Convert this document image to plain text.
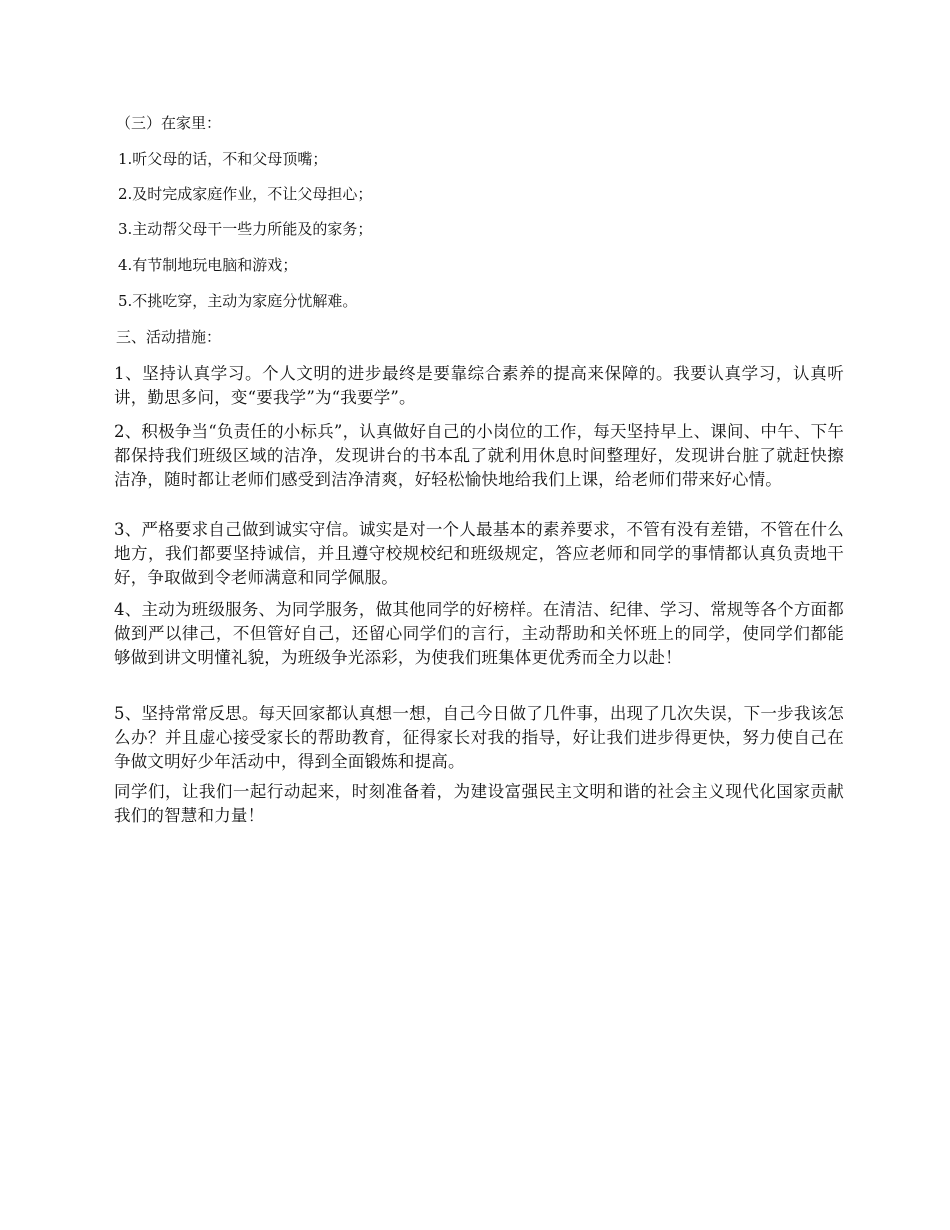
（三）在家里：

1.听父母的话，不和父母顶嘴；

2.及时完成家庭作业，不让父母担心；

3.主动帮父母干一些力所能及的家务；

4.有节制地玩电脑和游戏；

5.不挑吃穿，主动为家庭分忧解难。

三、活动措施：

1、坚持认真学习。个人文明的进步最终是要靠综合素养的提高来保障的。我要认真学习，认真听讲，勤思多问，变“要我学”为“我要学”。

2、积极争当“负责任的小标兵”，认真做好自己的小岗位的工作，每天坚持早上、课间、中午、下午都保持我们班级区域的洁净，发现讲台的书本乱了就利用休息时间整理好，发现讲台脏了就赶快擦洁净，随时都让老师们感受到洁净清爽，好轻松愉快地给我们上课，给老师们带来好心情。

3、严格要求自己做到诚实守信。诚实是对一个人最基本的素养要求，不管有没有差错，不管在什么地方，我们都要坚持诚信，并且遵守校规校纪和班级规定，答应老师和同学的事情都认真负责地干好，争取做到令老师满意和同学佩服。

4、主动为班级服务、为同学服务，做其他同学的好榜样。在清洁、纪律、学习、常规等各个方面都做到严以律己，不但管好自己，还留心同学们的言行，主动帮助和关怀班上的同学，使同学们都能够做到讲文明懂礼貌，为班级争光添彩，为使我们班集体更优秀而全力以赴！

5、坚持常常反思。每天回家都认真想一想，自己今日做了几件事，出现了几次失误，下一步我该怎么办？并且虚心接受家长的帮助教育，征得家长对我的指导，好让我们进步得更快，努力使自己在争做文明好少年活动中，得到全面锻炼和提高。

同学们，让我们一起行动起来，时刻准备着，为建设富强民主文明和谐的社会主义现代化国家贡献我们的智慧和力量！
